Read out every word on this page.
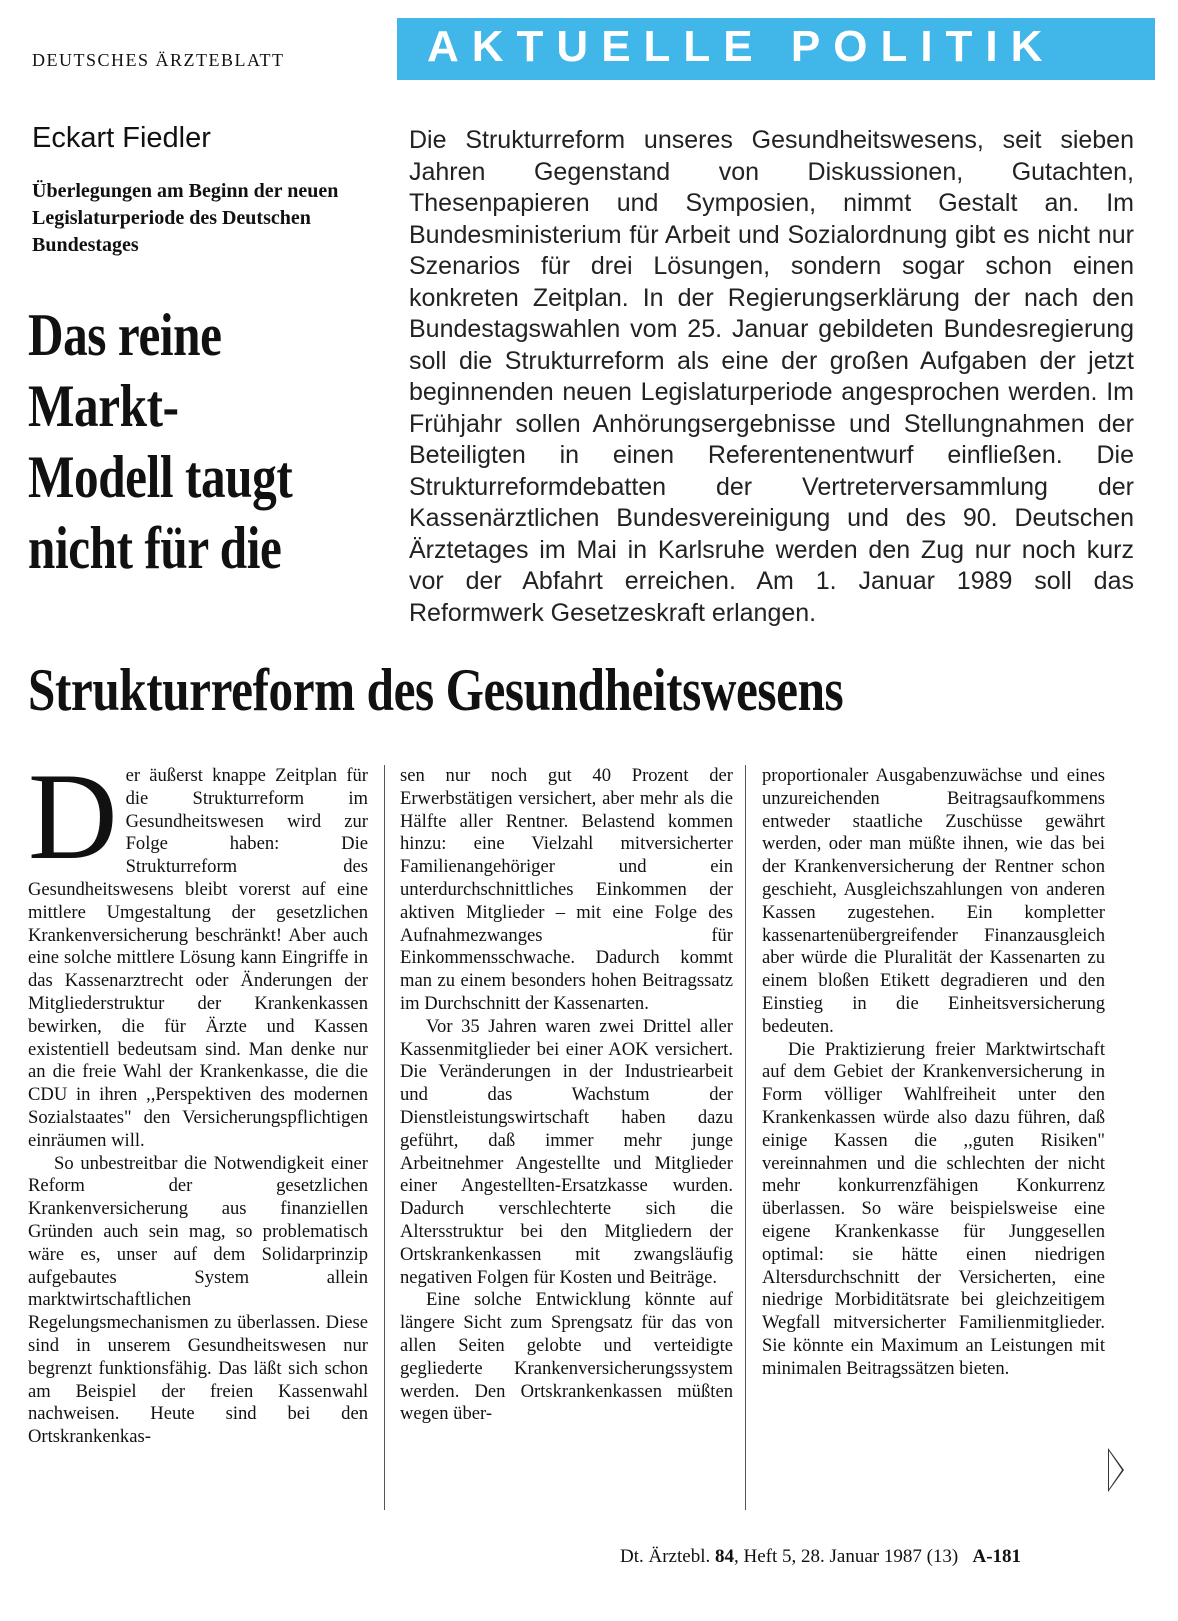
DEUTSCHES ÄRZTEBLATT	AKTUELLE POLITIK
Eckart Fiedler
Überlegungen am Beginn der neuen Legislaturperiode des Deutschen Bundestages
Das reine Markt-Modell taugt nicht für die
Strukturreform des Gesundheitswesens
Die Strukturreform unseres Gesundheitswesens, seit sieben Jahren Gegenstand von Diskussionen, Gutachten, Thesenpapieren und Symposien, nimmt Gestalt an. Im Bundesministerium für Arbeit und Sozialordnung gibt es nicht nur Szenarios für drei Lösungen, sondern sogar schon einen konkreten Zeitplan. In der Regierungserklärung der nach den Bundestagswahlen vom 25. Januar gebildeten Bundesregierung soll die Strukturreform als eine der großen Aufgaben der jetzt beginnenden neuen Legislaturperiode angesprochen werden. Im Frühjahr sollen Anhörungsergebnisse und Stellungnahmen der Beteiligten in einen Referentenentwurf einfließen. Die Strukturreformdebatten der Vertreterversammlung der Kassenärztlichen Bundesvereinigung und des 90. Deutschen Ärztetages im Mai in Karlsruhe werden den Zug nur noch kurz vor der Abfahrt erreichen. Am 1. Januar 1989 soll das Reformwerk Gesetzeskraft erlangen.
D er äußerst knappe Zeitplan für die Strukturreform im Gesundheitswesen wird zur Folge haben: Die Strukturreform des Gesundheitswesens bleibt vorerst auf eine mittlere Umgestaltung der gesetzlichen Krankenversicherung beschränkt! Aber auch eine solche mittlere Lösung kann Eingriffe in das Kassenarztrecht oder Änderungen der Mitgliederstruktur der Krankenkassen bewirken, die für Ärzte und Kassen existentiell bedeutsam sind. Man denke nur an die freie Wahl der Krankenkasse, die die CDU in ihren ,,Perspektiven des modernen Sozialstaates" den Versicherungspflichtigen einräumen will.

So unbestreitbar die Notwendigkeit einer Reform der gesetzlichen Krankenversicherung aus finanziellen Gründen auch sein mag, so problematisch wäre es, unser auf dem Solidarprinzip aufgebautes System allein marktwirtschaftlichen Regelungsmechanismen zu überlassen. Diese sind in unserem Gesundheitswesen nur begrenzt funktionsfähig. Das läßt sich schon am Beispiel der freien Kassenwahl nachweisen. Heute sind bei den Ortskrankenkas-

sen nur noch gut 40 Prozent der Erwerbstätigen versichert, aber mehr als die Hälfte aller Rentner. Belastend kommen hinzu: eine Vielzahl mitversicherter Familienangehöriger und ein unterdurchschnittliches Einkommen der aktiven Mitglieder – mit eine Folge des Aufnahmezwanges für Einkommensschwache. Dadurch kommt man zu einem besonders hohen Beitragssatz im Durchschnitt der Kassenarten.

Vor 35 Jahren waren zwei Drittel aller Kassenmitglieder bei einer AOK versichert. Die Veränderungen in der Industriearbeit und das Wachstum der Dienstleistungswirtschaft haben dazu geführt, daß immer mehr junge Arbeitnehmer Angestellte und Mitglieder einer Angestellten-Ersatzkasse wurden. Dadurch verschlechterte sich die Altersstruktur bei den Mitgliedern der Ortskrankenkassen mit zwangsläufig negativen Folgen für Kosten und Beiträge.

Eine solche Entwicklung könnte auf längere Sicht zum Sprengsatz für das von allen Seiten gelobte und verteidigte gegliederte Krankenversicherungssystem werden. Den Ortskrankenkassen müßten wegen über-

proportionaler Ausgabenzuwächse und eines unzureichenden Beitragsaufkommens entweder staatliche Zuschüsse gewährt werden, oder man müßte ihnen, wie das bei der Krankenversicherung der Rentner schon geschieht, Ausgleichszahlungen von anderen Kassen zugestehen. Ein kompletter kassenartenübergreifender Finanzausgleich aber würde die Pluralität der Kassenarten zu einem bloßen Etikett degradieren und den Einstieg in die Einheitsversicherung bedeuten.

Die Praktizierung freier Marktwirtschaft auf dem Gebiet der Krankenversicherung in Form völliger Wahlfreiheit unter den Krankenkassen würde also dazu führen, daß einige Kassen die ,,guten Risiken" vereinnahmen und die schlechten der nicht mehr konkurrenzfähigen Konkurrenz überlassen. So wäre beispielsweise eine eigene Krankenkasse für Junggesellen optimal: sie hätte einen niedrigen Altersdurchschnitt der Versicherten, eine niedrige Morbiditätsrate bei gleichzeitigem Wegfall mitversicherter Familienmitglieder. Sie könnte ein Maximum an Leistungen mit minimalen Beitragssätzen bieten.

Dt. Ärztebl. 84, Heft 5, 28. Januar 1987 (13) A-181
